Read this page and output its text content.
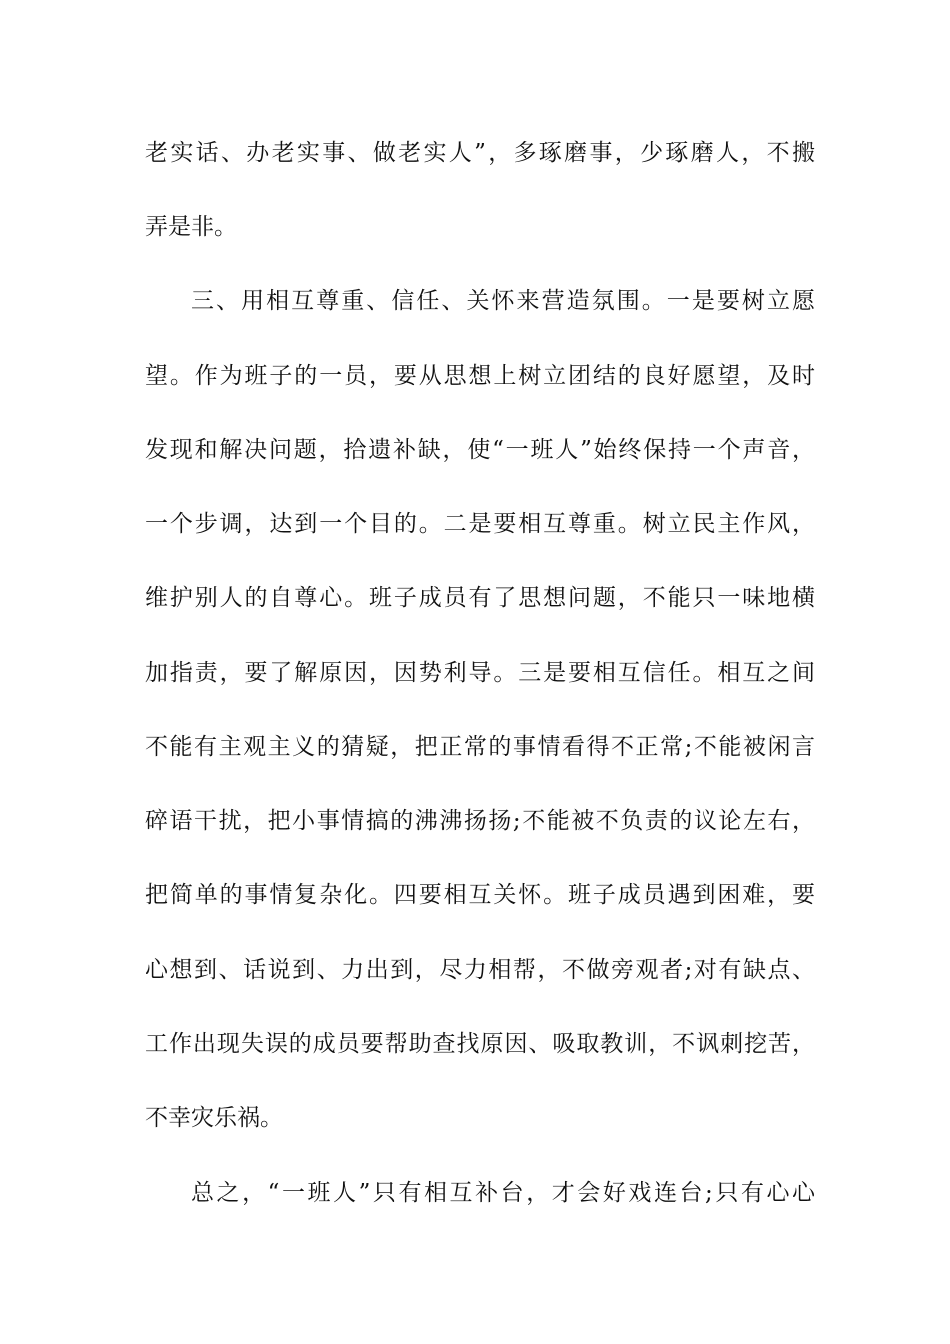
老实话、办老实事、做老实人”，多琢磨事，少琢磨人，不搬
弄是非。
三、用相互尊重、信任、关怀来营造氛围。一是要树立愿
望。作为班子的一员，要从思想上树立团结的良好愿望，及时
发现和解决问题，拾遗补缺，使“一班人”始终保持一个声音，
一个步调，达到一个目的。二是要相互尊重。树立民主作风，
维护别人的自尊心。班子成员有了思想问题，不能只一味地横
加指责，要了解原因，因势利导。三是要相互信任。相互之间
不能有主观主义的猜疑，把正常的事情看得不正常;不能被闲言
碎语干扰，把小事情搞的沸沸扬扬;不能被不负责的议论左右，
把简单的事情复杂化。四要相互关怀。班子成员遇到困难，要
心想到、话说到、力出到，尽力相帮，不做旁观者;对有缺点、
工作出现失误的成员要帮助查找原因、吸取教训，不讽刺挖苦，
不幸灾乐祸。
总之，“一班人”只有相互补台，才会好戏连台;只有心心
